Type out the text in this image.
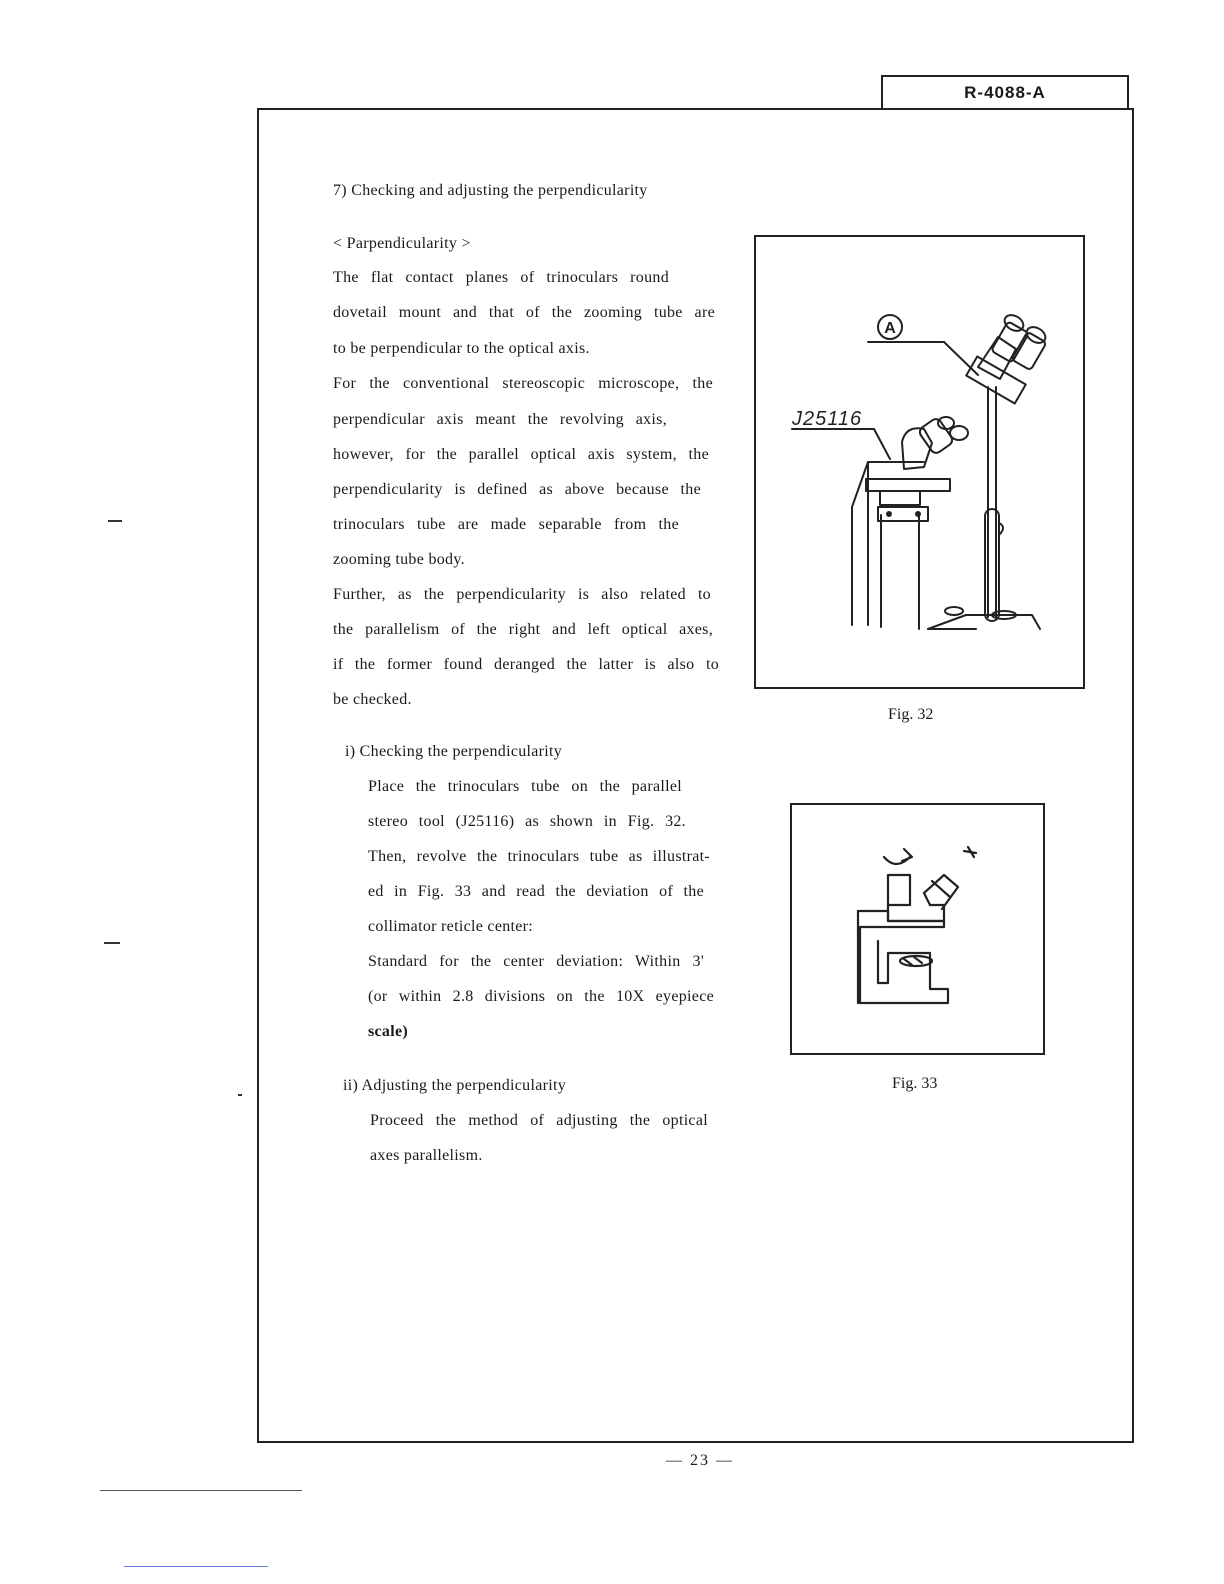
R-4088-A
7) Checking and adjusting the perpendicularity
< Parpendicularity >
The flat contact planes of trinoculars round
dovetail mount and that of the zooming tube are
to be perpendicular to the optical axis.
For the conventional stereoscopic microscope, the
perpendicular axis meant the revolving axis,
however, for the parallel optical axis system, the
perpendicularity is defined as above because the
trinoculars tube are made separable from the
zooming tube body.
Further, as the perpendicularity is also related to
the parallelism of the right and left optical axes,
if the former found deranged the latter is also to
be checked.
i) Checking the perpendicularity
Place the trinoculars tube on the parallel
stereo tool (J25116) as shown in Fig. 32.
Then, revolve the trinoculars tube as illustrat-
ed in Fig. 33 and read the deviation of the
collimator reticle center:
Standard for the center deviation: Within 3'
(or within 2.8 divisions on the 10X eyepiece
scale)
ii) Adjusting the perpendicularity
Proceed the method of adjusting the optical
axes parallelism.
A
J25116
Fig. 32
Fig. 33
— 23 —
